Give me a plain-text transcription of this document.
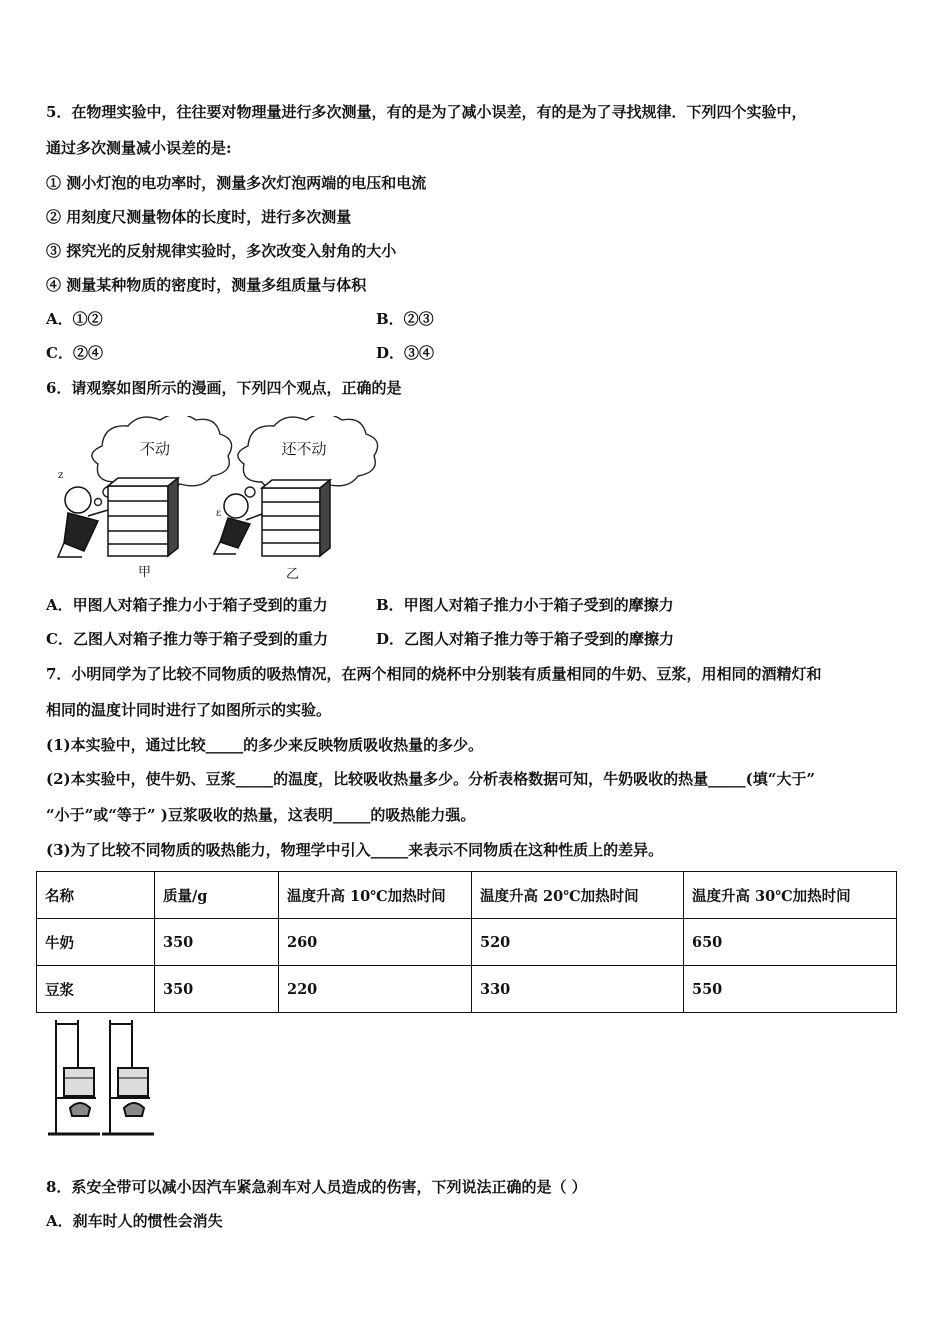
5．在物理实验中，往往要对物理量进行多次测量，有的是为了减小误差，有的是为了寻找规律．下列四个实验中，
通过多次测量减小误差的是:
① 测小灯泡的电功率时，测量多次灯泡两端的电压和电流
② 用刻度尺测量物体的长度时，进行多次测量
③ 探究光的反射规律实验时，多次改变入射角的大小
④ 测量某种物质的密度时，测量多组质量与体积
A．①②	B．②③
C．②④	D．③④
6．请观察如图所示的漫画，下列四个观点，正确的是
不动	还不动
z
ε
甲	乙
A．甲图人对箱子推力小于箱子受到的重力	B．甲图人对箱子推力小于箱子受到的摩擦力
C．乙图人对箱子推力等于箱子受到的重力	D．乙图人对箱子推力等于箱子受到的摩擦力
7．小明同学为了比较不同物质的吸热情况，在两个相同的烧杯中分别装有质量相同的牛奶、豆浆，用相同的酒精灯和
相同的温度计同时进行了如图所示的实验。
(1)本实验中，通过比较_____的多少来反映物质吸收热量的多少。
(2)本实验中，使牛奶、豆浆_____的温度，比较吸收热量多少。分析表格数据可知，牛奶吸收的热量_____(填“大于”
“小于”或“等于” )豆浆吸收的热量，这表明_____的吸热能力强。
(3)为了比较不同物质的吸热能力，物理学中引入_____来表示不同物质在这种性质上的差异。
名称	质量/g	温度升高 10℃加热时间	温度升高 20℃加热时间	温度升高 30℃加热时间
牛奶	350	260	520	650
豆浆	350	220	330	550
8．系安全带可以减小因汽车紧急刹车对人员造成的伤害，下列说法正确的是（ ）
A．刹车时人的惯性会消失
